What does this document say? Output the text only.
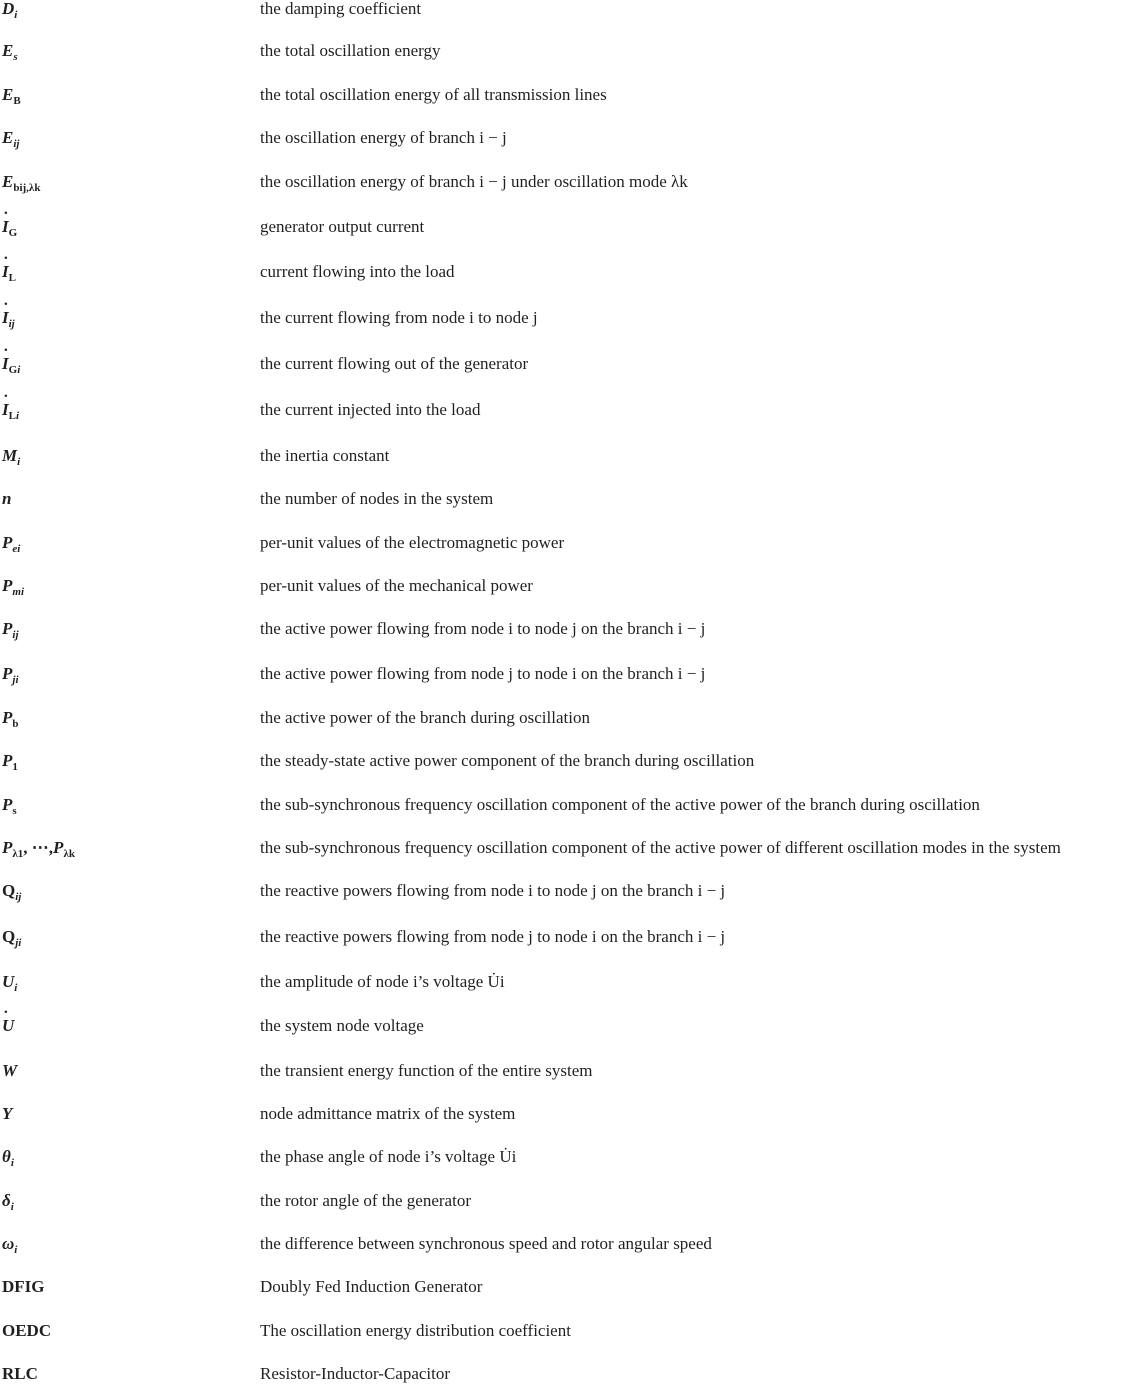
$D_i$	the damping coefficient
$E_s$	the total oscillation energy
$E_B$	the total oscillation energy of all transmission lines
$E_{ij}$	the oscillation energy of branch i − j
$E_{bij,\lambda k}$	the oscillation energy of branch i − j under oscillation mode λk
˙ $I_G$	generator output current
˙ $I_L$	current flowing into the load
˙ $I_{ij}$	the current flowing from node i to node j
˙ $I_{Gi}$	the current flowing out of the generator
˙ $I_{Li}$	the current injected into the load
$M_i$	the inertia constant
n	the number of nodes in the system
$P_{ei}$	per-unit values of the electromagnetic power
$P_{mi}$	per-unit values of the mechanical power
$P_{ij}$	the active power flowing from node i to node j on the branch i − j
$P_{ji}$	the active power flowing from node j to node i on the branch i − j
$P_b$	the active power of the branch during oscillation
$P_1$	the steady-state active power component of the branch during oscillation
$P_s$	the sub-synchronous frequency oscillation component of the active power of the branch during oscillation
$P_{\lambda 1}$, $\cdots,P_{\lambda k}$	the sub-synchronous frequency oscillation component of the active power of different oscillation modes in the system
$Q_{ij}$	the reactive powers flowing from node i to node j on the branch i − j
$Q_{ji}$	the reactive powers flowing from node j to node i on the branch i − j
$U_i$	the amplitude of node i’s voltage U̇i
˙ U	the system node voltage
W	the transient energy function of the entire system
Y	node admittance matrix of the system
$\theta_i$	the phase angle of node i’s voltage U̇i
$\delta_i$	the rotor angle of the generator
$\omega_i$	the difference between synchronous speed and rotor angular speed
DFIG	Doubly Fed Induction Generator
OEDC	The oscillation energy distribution coefficient
RLC	Resistor-Inductor-Capacitor
